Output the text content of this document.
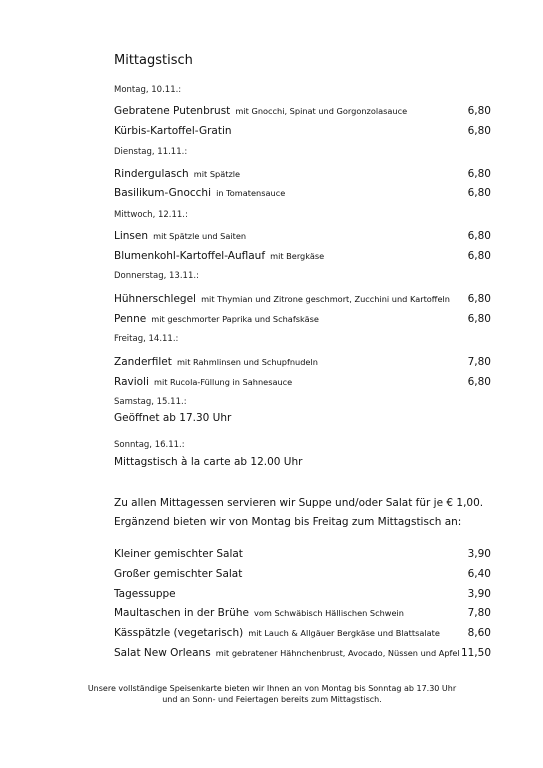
Mittagstisch
Montag, 10.11.:
Gebratene Putenbrust mit Gnocchi, Spinat und Gorgonzolasauce	6,80
Kürbis-Kartoffel-Gratin	6,80
Dienstag, 11.11.:
Rindergulasch mit Spätzle	6,80
Basilikum-Gnocchi in Tomatensauce	6,80
Mittwoch, 12.11.:
Linsen mit Spätzle und Saiten	6,80
Blumenkohl-Kartoffel-Auflauf mit Bergkäse	6,80
Donnerstag, 13.11.:
Hühnerschlegel mit Thymian und Zitrone geschmort, Zucchini und Kartoffeln 6,80
Penne mit geschmorter Paprika und Schafskäse	6,80
Freitag, 14.11.:
Zanderfilet mit Rahmlinsen und Schupfnudeln	7,80
Ravioli mit Rucola-Füllung in Sahnesauce	6,80
Samstag, 15.11.:
Geöffnet ab 17.30 Uhr
Sonntag, 16.11.:
Mittagstisch à la carte ab 12.00 Uhr
Zu allen Mittagessen servieren wir Suppe und/oder Salat für je € 1,00.
Ergänzend bieten wir von Montag bis Freitag zum Mittagstisch an:
Kleiner gemischter Salat	3,90
Großer gemischter Salat	6,40
Tagessuppe	3,90
Maultaschen in der Brühe vom Schwäbisch Hällischen Schwein	7,80
Kässpätzle (vegetarisch) mit Lauch & Allgäuer Bergkäse und Blattsalate	8,60
Salat New Orleans mit gebratener Hähnchenbrust, Avocado, Nüssen und Apfel 11,50
Unsere vollständige Speisenkarte bieten wir Ihnen an von Montag bis Sonntag ab 17.30 Uhr
und an Sonn- und Feiertagen bereits zum Mittagstisch.
